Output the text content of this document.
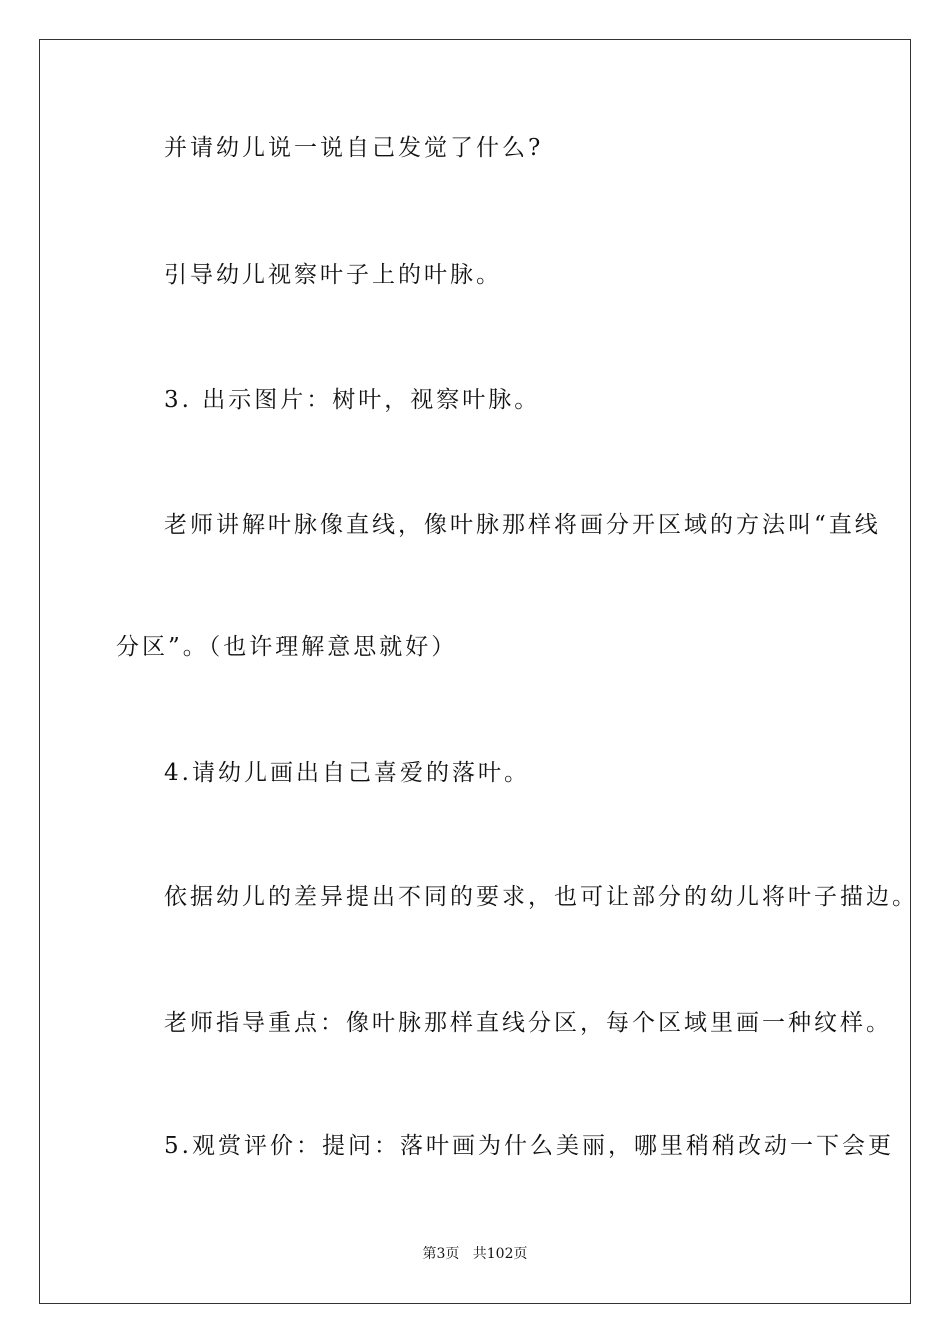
并请幼儿说一说自己发觉了什么?
引导幼儿视察叶子上的叶脉。
3. 出示图片：树叶，视察叶脉。
老师讲解叶脉像直线，像叶脉那样将画分开区域的方法叫“直线
分区”。（也许理解意思就好）
4.请幼儿画出自己喜爱的落叶。
依据幼儿的差异提出不同的要求，也可让部分的幼儿将叶子描边。
老师指导重点：像叶脉那样直线分区，每个区域里画一种纹样。
5.观赏评价：提问：落叶画为什么美丽，哪里稍稍改动一下会更
第3页   共102页
